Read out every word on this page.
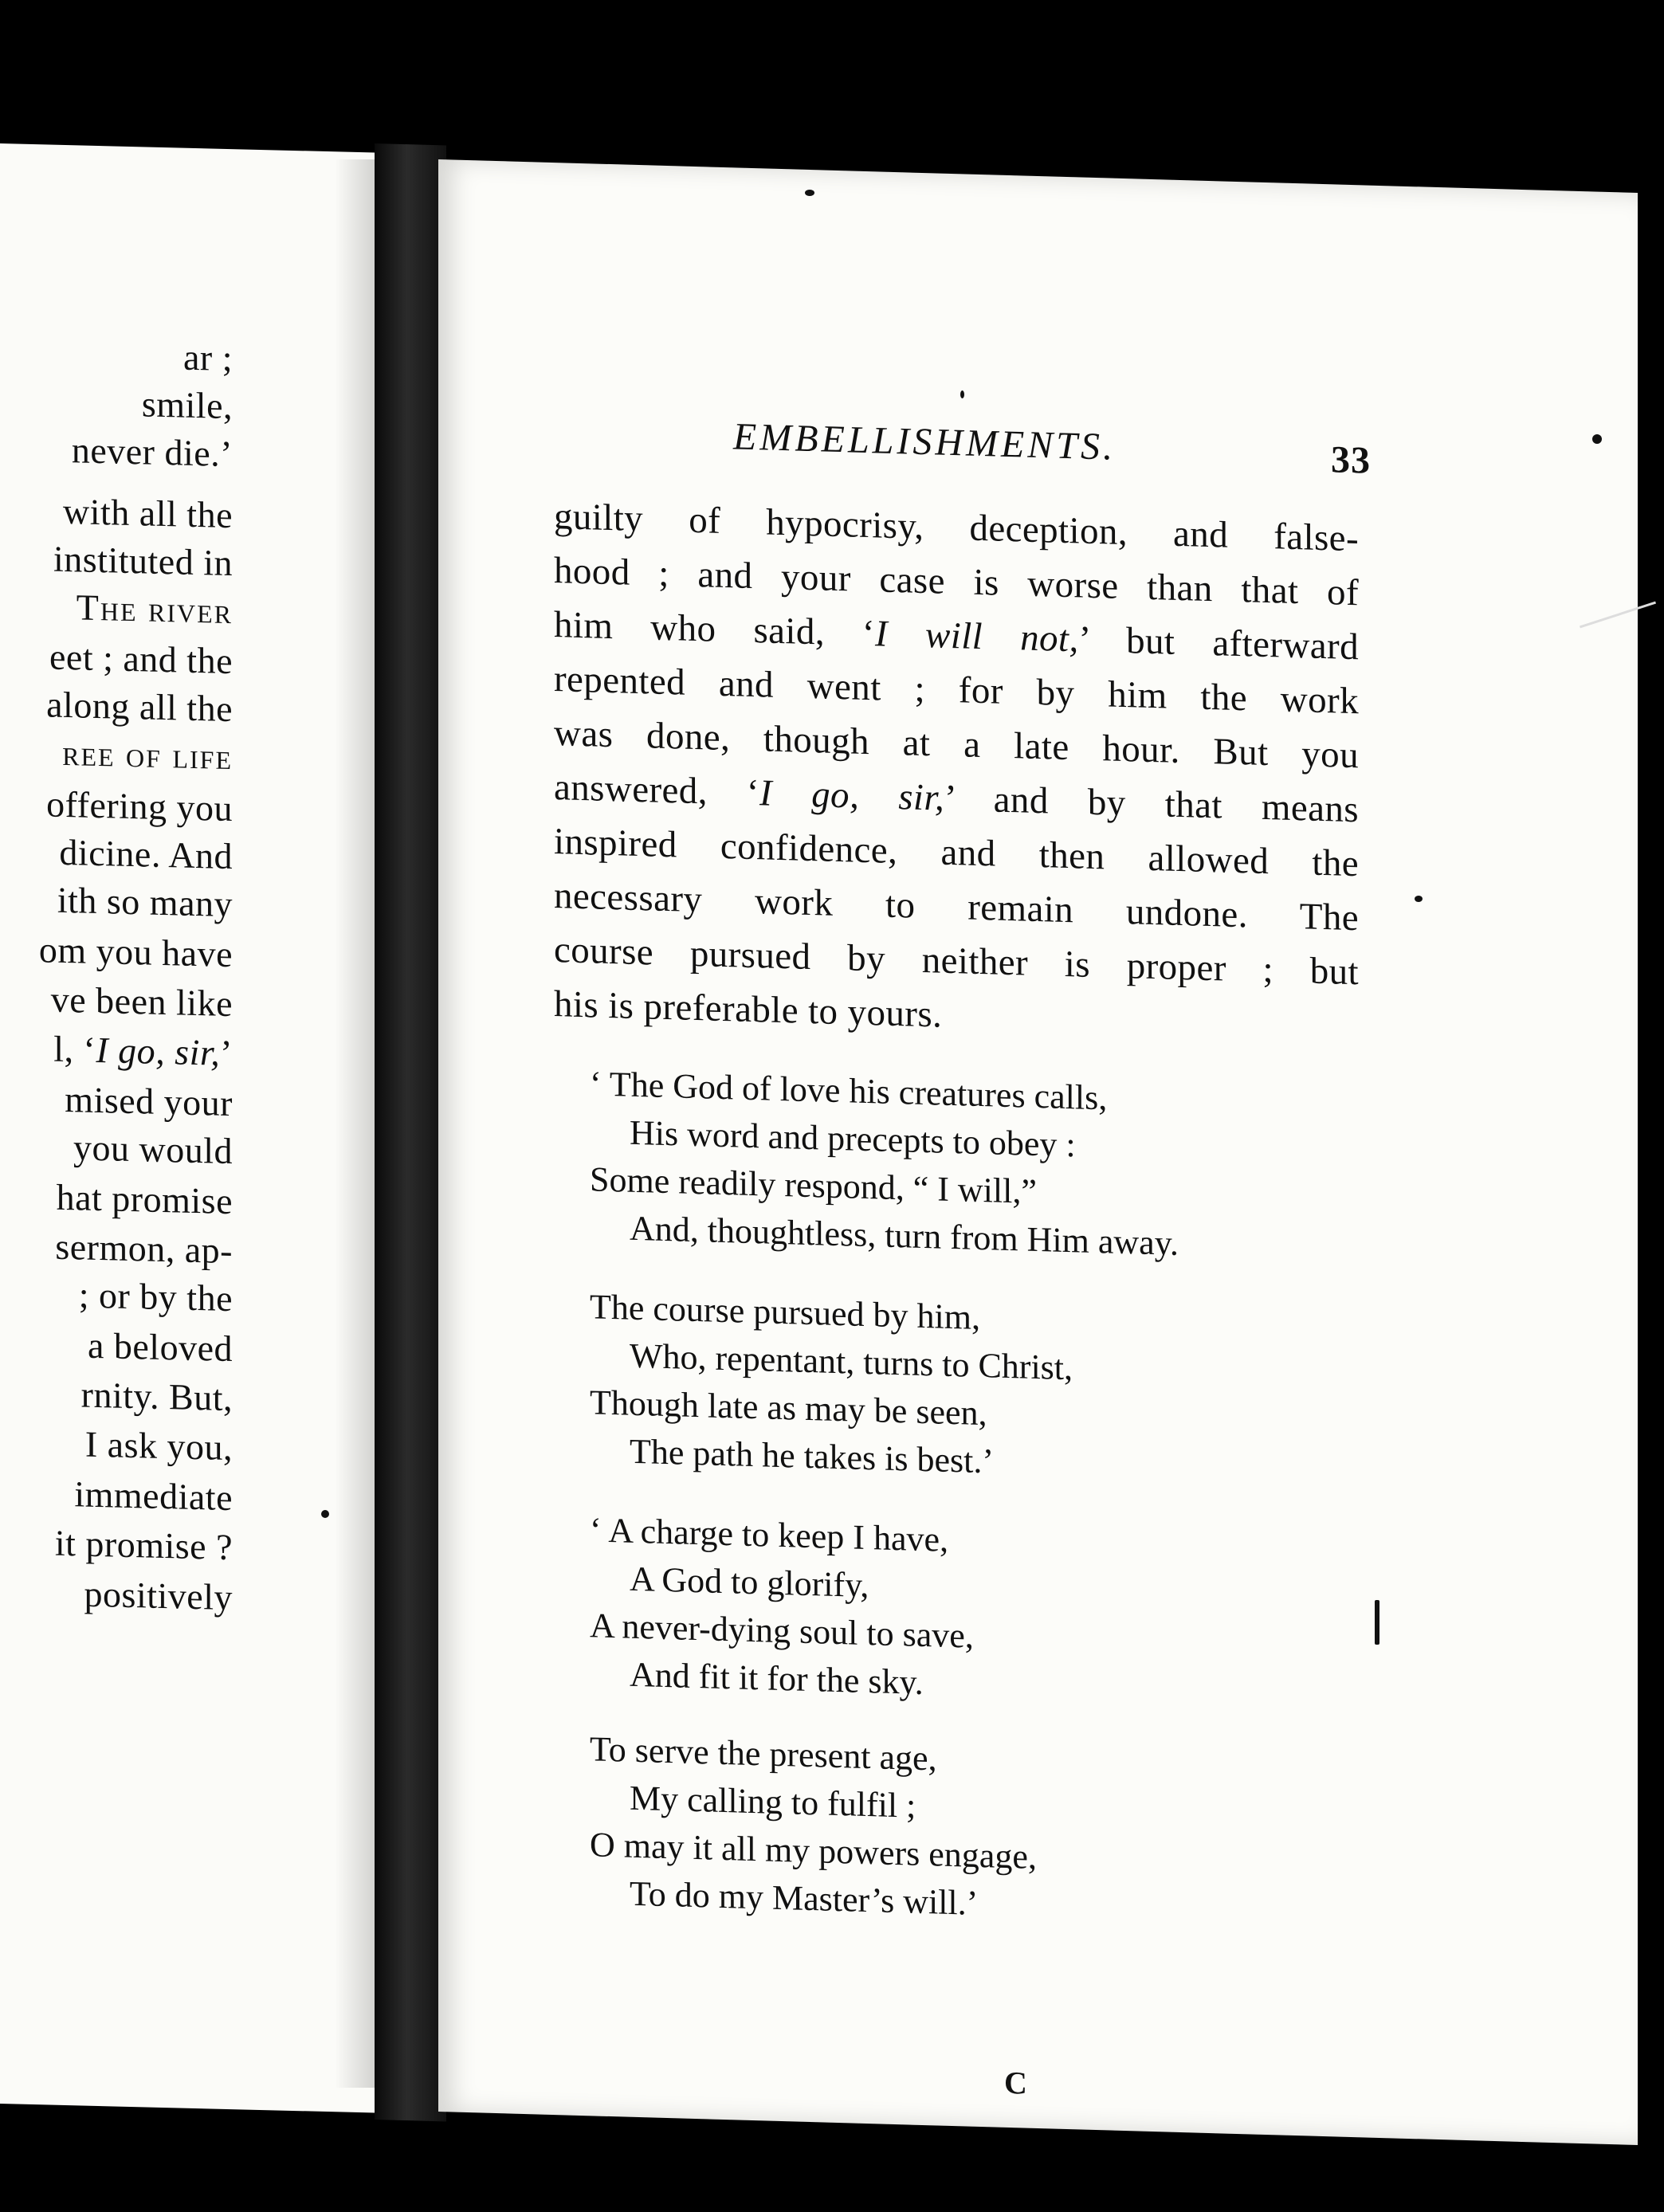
ar ;
smile,
never die.’
with all the
instituted in
The river
eet ; and the
along all the
ree of life
offering you
dicine. And
ith so many
om you have
ve been like
l, ‘I go, sir,’
mised your
you would
hat promise
sermon, ap-
; or by the
a beloved
rnity. But,
I ask you,
immediate
it promise ?
positively
EMBELLISHMENTS.	33
guilty of hypocrisy, deception, and false-
hood ; and your case is worse than that of
him who said, ‘I will not,’ but afterward
repented and went ; for by him the work
was done, though at a late hour. But you
answered, ‘I go, sir,’ and by that means
inspired confidence, and then allowed the
necessary work to remain undone. The
course pursued by neither is proper ; but
his is preferable to yours.
‘ The God of love his creatures calls,
His word and precepts to obey :
Some readily respond, “ I will,”
And, thoughtless, turn from Him away.
The course pursued by him,
Who, repentant, turns to Christ,
Though late as may be seen,
The path he takes is best.’
‘ A charge to keep I have,
A God to glorify,
A never-dying soul to save,
And fit it for the sky.
To serve the present age,
My calling to fulfil ;
O may it all my powers engage,
To do my Master’s will.’
C
